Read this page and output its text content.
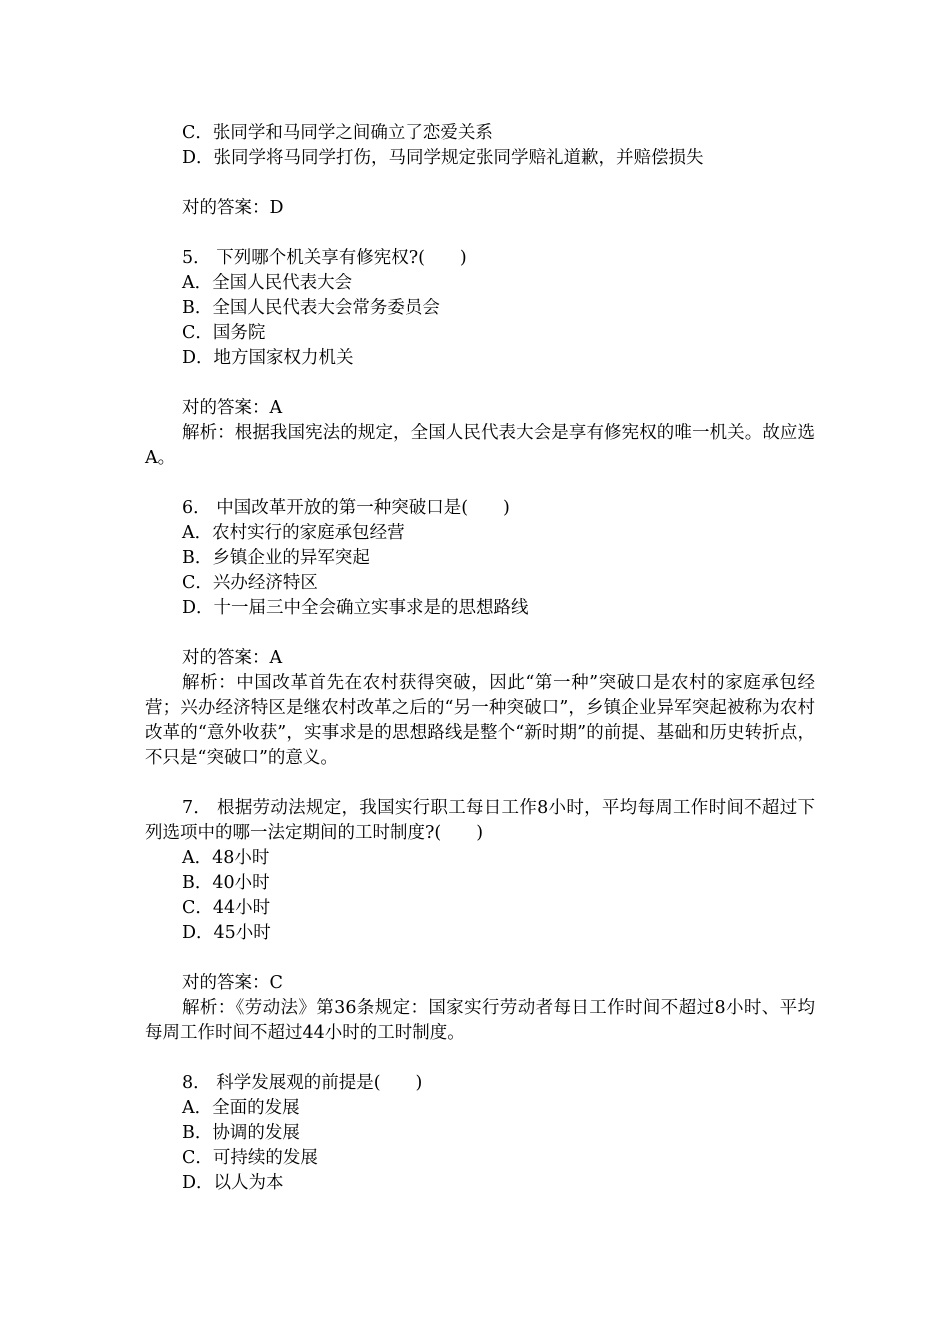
C．张同学和马同学之间确立了恋爱关系

D．张同学将马同学打伤，马同学规定张同学赔礼道歉，并赔偿损失

对的答案：D

5． 下列哪个机关享有修宪权?(　　)

A．全国人民代表大会

B．全国人民代表大会常务委员会

C．国务院

D．地方国家权力机关

对的答案：A

解析：根据我国宪法的规定，全国人民代表大会是享有修宪权的唯一机关。故应选A。

6． 中国改革开放的第一种突破口是(　　)

A．农村实行的家庭承包经营

B．乡镇企业的异军突起

C．兴办经济特区

D．十一届三中全会确立实事求是的思想路线

对的答案：A

解析：中国改革首先在农村获得突破，因此“第一种”突破口是农村的家庭承包经营；兴办经济特区是继农村改革之后的“另一种突破口”，乡镇企业异军突起被称为农村改革的“意外收获”，实事求是的思想路线是整个“新时期”的前提、基础和历史转折点，不只是“突破口”的意义。

7． 根据劳动法规定，我国实行职工每日工作8小时，平均每周工作时间不超过下列选项中的哪一法定期间的工时制度?(　　)

A．48小时

B．40小时

C．44小时

D．45小时

对的答案：C

解析：《劳动法》第36条规定：国家实行劳动者每日工作时间不超过8小时、平均每周工作时间不超过44小时的工时制度。

8． 科学发展观的前提是(　　)

A．全面的发展

B．协调的发展

C．可持续的发展

D．以人为本
